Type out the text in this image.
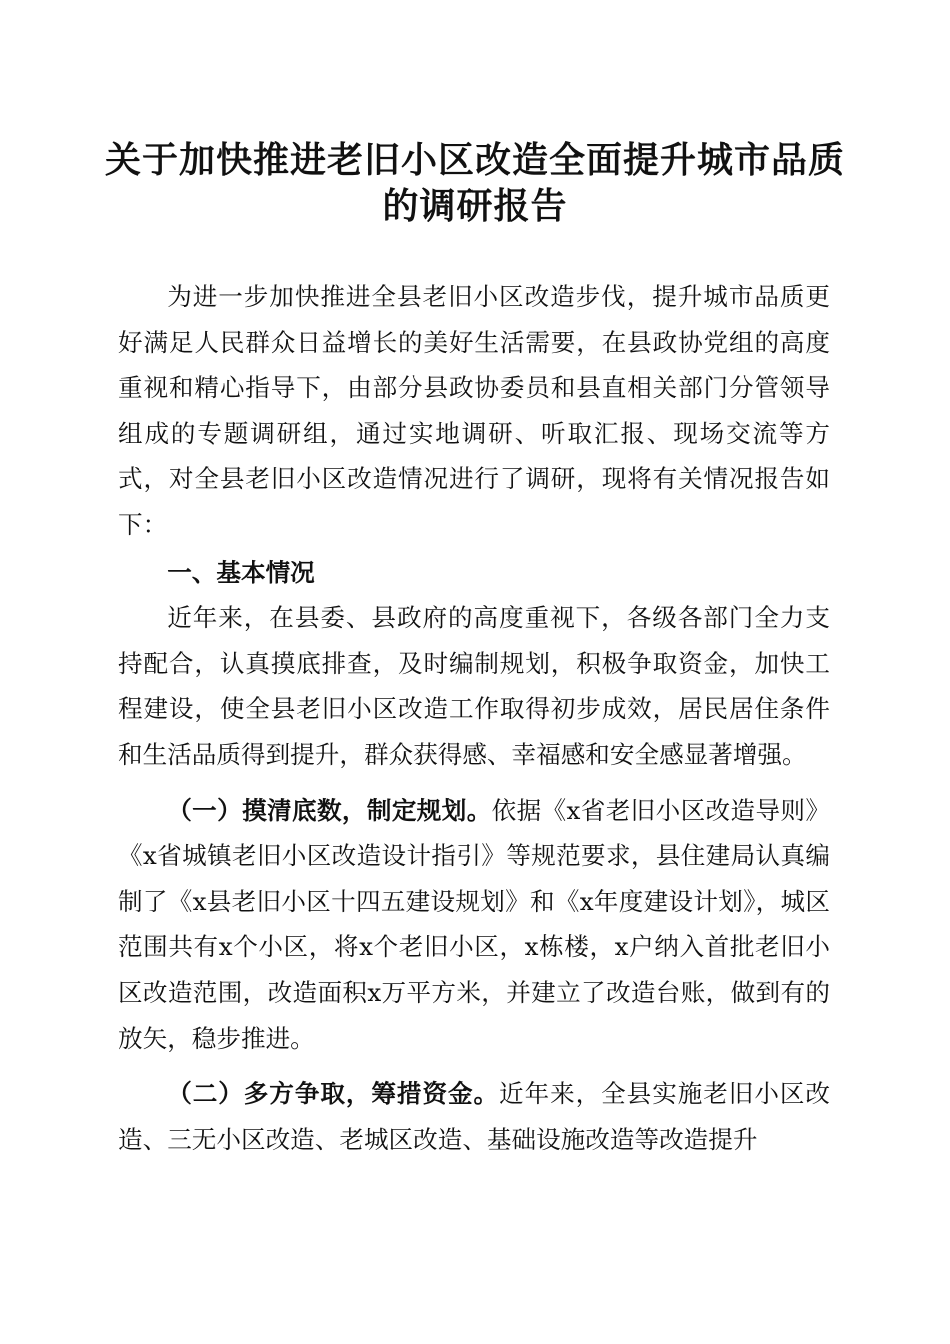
关于加快推进老旧小区改造全面提升城市品质
的调研报告

为进一步加快推进全县老旧小区改造步伐，提升城市品质更好满足人民群众日益增长的美好生活需要，在县政协党组的高度重视和精心指导下，由部分县政协委员和县直相关部门分管领导组成的专题调研组，通过实地调研、听取汇报、现场交流等方式，对全县老旧小区改造情况进行了调研，现将有关情况报告如下：

一、基本情况

近年来，在县委、县政府的高度重视下，各级各部门全力支持配合，认真摸底排查，及时编制规划，积极争取资金，加快工程建设，使全县老旧小区改造工作取得初步成效，居民居住条件和生活品质得到提升，群众获得感、幸福感和安全感显著增强。

（一）摸清底数，制定规划。依据《x省老旧小区改造导则》《x省城镇老旧小区改造设计指引》等规范要求，县住建局认真编制了《x县老旧小区十四五建设规划》和《x年度建设计划》，城区范围共有x个小区，将x个老旧小区，x栋楼，x户纳入首批老旧小区改造范围，改造面积x万平方米，并建立了改造台账，做到有的放矢，稳步推进。

（二）多方争取，筹措资金。近年来，全县实施老旧小区改造、三无小区改造、老城区改造、基础设施改造等改造提升
